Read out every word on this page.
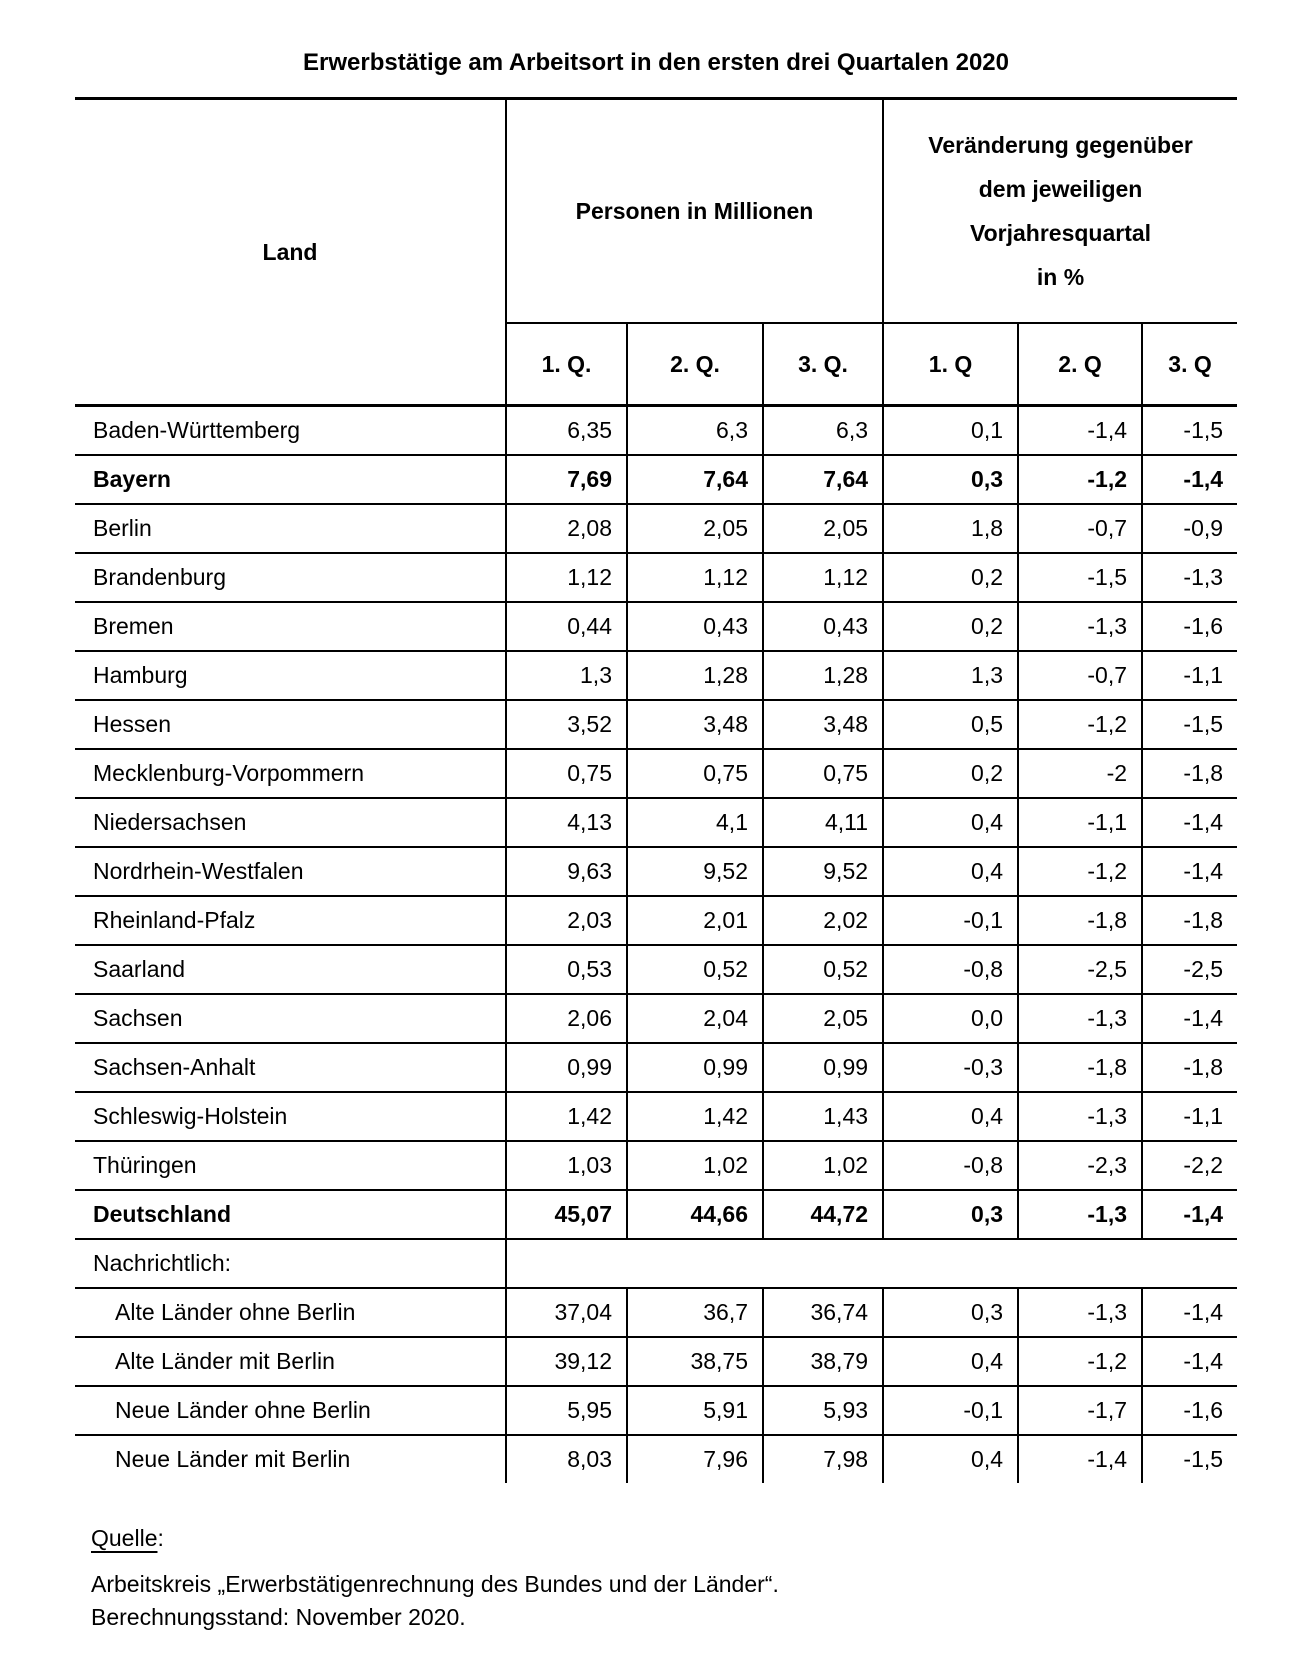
Erwerbstätige am Arbeitsort in den ersten drei Quartalen 2020
Land	Personen in Millionen			Veränderung gegenüber
dem jeweiligen
Vorjahresquartal
in %		

	1. Q.	2. Q.	3. Q.	1. Q	2. Q	3. Q
Baden-Württemberg	6,35	6,3	6,3	0,1	-1,4	-1,5
Bayern	7,69	7,64	7,64	0,3	-1,2	-1,4
Berlin	2,08	2,05	2,05	1,8	-0,7	-0,9
Brandenburg	1,12	1,12	1,12	0,2	-1,5	-1,3
Bremen	0,44	0,43	0,43	0,2	-1,3	-1,6
Hamburg	1,3	1,28	1,28	1,3	-0,7	-1,1
Hessen	3,52	3,48	3,48	0,5	-1,2	-1,5
Mecklenburg-Vorpommern	0,75	0,75	0,75	0,2	-2	-1,8
Niedersachsen	4,13	4,1	4,11	0,4	-1,1	-1,4
Nordrhein-Westfalen	9,63	9,52	9,52	0,4	-1,2	-1,4
Rheinland-Pfalz	2,03	2,01	2,02	-0,1	-1,8	-1,8
Saarland	0,53	0,52	0,52	-0,8	-2,5	-2,5
Sachsen	2,06	2,04	2,05	0,0	-1,3	-1,4
Sachsen-Anhalt	0,99	0,99	0,99	-0,3	-1,8	-1,8
Schleswig-Holstein	1,42	1,42	1,43	0,4	-1,3	-1,1
Thüringen	1,03	1,02	1,02	-0,8	-2,3	-2,2
Deutschland	45,07	44,66	44,72	0,3	-1,3	-1,4
Nachrichtlich:						
Alte Länder ohne Berlin	37,04	36,7	36,74	0,3	-1,3	-1,4
Alte Länder mit Berlin	39,12	38,75	38,79	0,4	-1,2	-1,4
Neue Länder ohne Berlin	5,95	5,91	5,93	-0,1	-1,7	-1,6
Neue Länder mit Berlin	8,03	7,96	7,98	0,4	-1,4	-1,5
Quelle:
Arbeitskreis „Erwerbstätigenrechnung des Bundes und der Länder“.
Berechnungsstand: November 2020.
